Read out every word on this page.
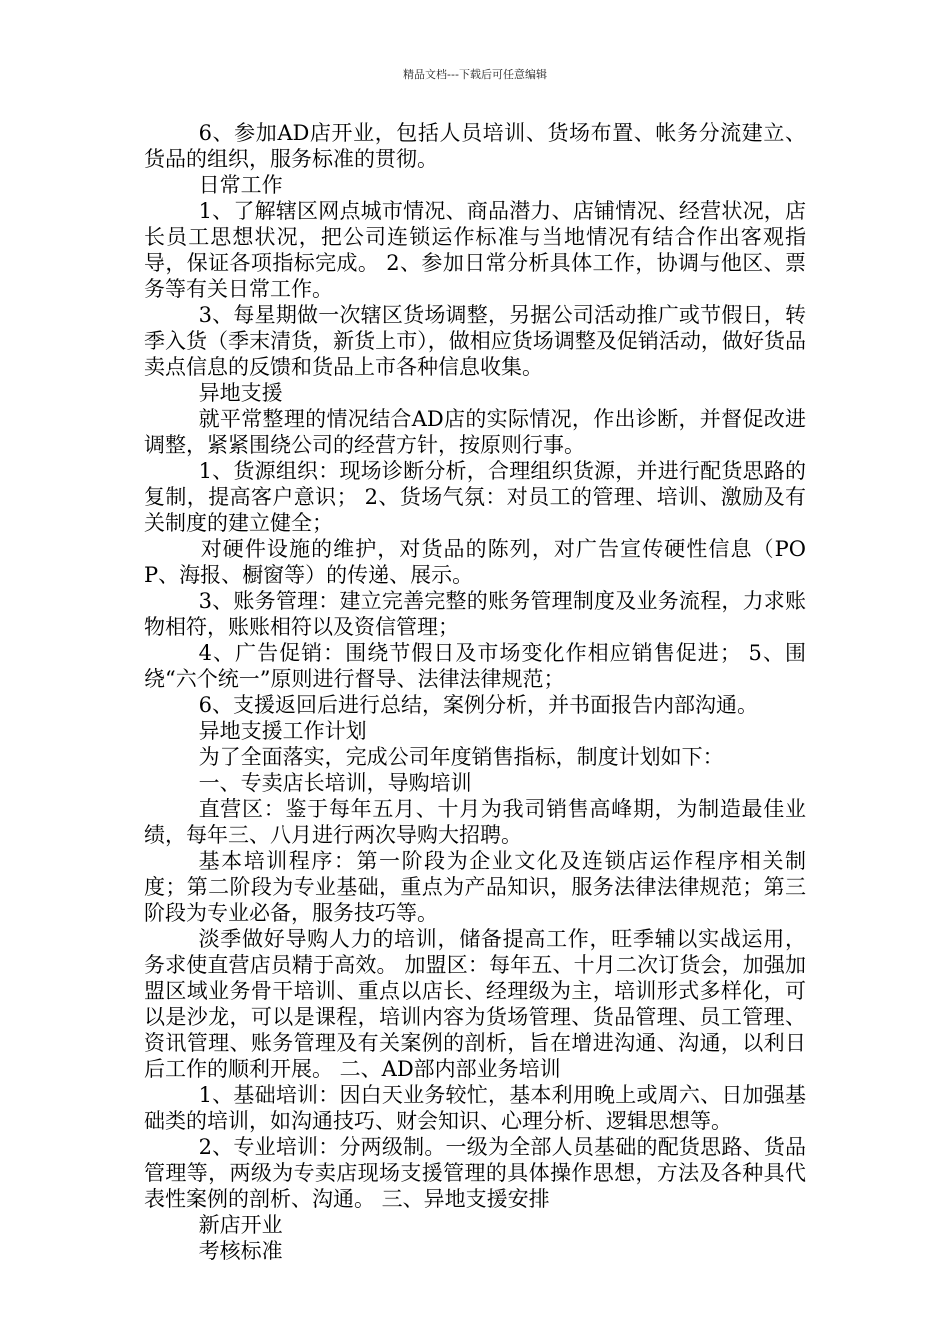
精品文档---下载后可任意编辑

6、参加AD店开业，包括人员培训、货场布置、帐务分流建立、货品的组织，服务标准的贯彻。

日常工作

1、了解辖区网点城市情况、商品潜力、店铺情况、经营状况，店长员工思想状况，把公司连锁运作标准与当地情况有结合作出客观指导，保证各项指标完成。 2、参加日常分析具体工作，协调与他区、票务等有关日常工作。

3、每星期做一次辖区货场调整，另据公司活动推广或节假日，转季入货（季末清货，新货上市），做相应货场调整及促销活动，做好货品卖点信息的反馈和货品上市各种信息收集。

异地支援

就平常整理的情况结合AD店的实际情况，作出诊断，并督促改进调整，紧紧围绕公司的经营方针，按原则行事。

1、货源组织：现场诊断分析，合理组织货源，并进行配货思路的复制，提高客户意识； 2、货场气氛：对员工的管理、培训、激励及有关制度的建立健全；

对硬件设施的维护，对货品的陈列，对广告宣传硬性信息（POP、海报、橱窗等）的传递、展示。

3、账务管理：建立完善完整的账务管理制度及业务流程，力求账物相符，账账相符以及资信管理；

4、广告促销：围绕节假日及市场变化作相应销售促进； 5、围绕“六个统一”原则进行督导、法律法律规范；

6、支援返回后进行总结，案例分析，并书面报告内部沟通。

异地支援工作计划

为了全面落实，完成公司年度销售指标，制度计划如下：

一、专卖店长培训，导购培训

直营区：鉴于每年五月、十月为我司销售高峰期，为制造最佳业绩，每年三、八月进行两次导购大招聘。

基本培训程序：第一阶段为企业文化及连锁店运作程序相关制度；第二阶段为专业基础，重点为产品知识，服务法律法律规范；第三阶段为专业必备，服务技巧等。

淡季做好导购人力的培训，储备提高工作，旺季辅以实战运用，务求使直营店员精于高效。 加盟区：每年五、十月二次订货会，加强加盟区域业务骨干培训、重点以店长、经理级为主，培训形式多样化，可以是沙龙，可以是课程，培训内容为货场管理、货品管理、员工管理、资讯管理、账务管理及有关案例的剖析，旨在增进沟通、沟通，以利日后工作的顺利开展。 二、AD部内部业务培训

1、基础培训：因白天业务较忙，基本利用晚上或周六、日加强基础类的培训，如沟通技巧、财会知识、心理分析、逻辑思想等。

2、专业培训：分两级制。一级为全部人员基础的配货思路、货品管理等，两级为专卖店现场支援管理的具体操作思想，方法及各种具代表性案例的剖析、沟通。 三、异地支援安排

新店开业

考核标准
